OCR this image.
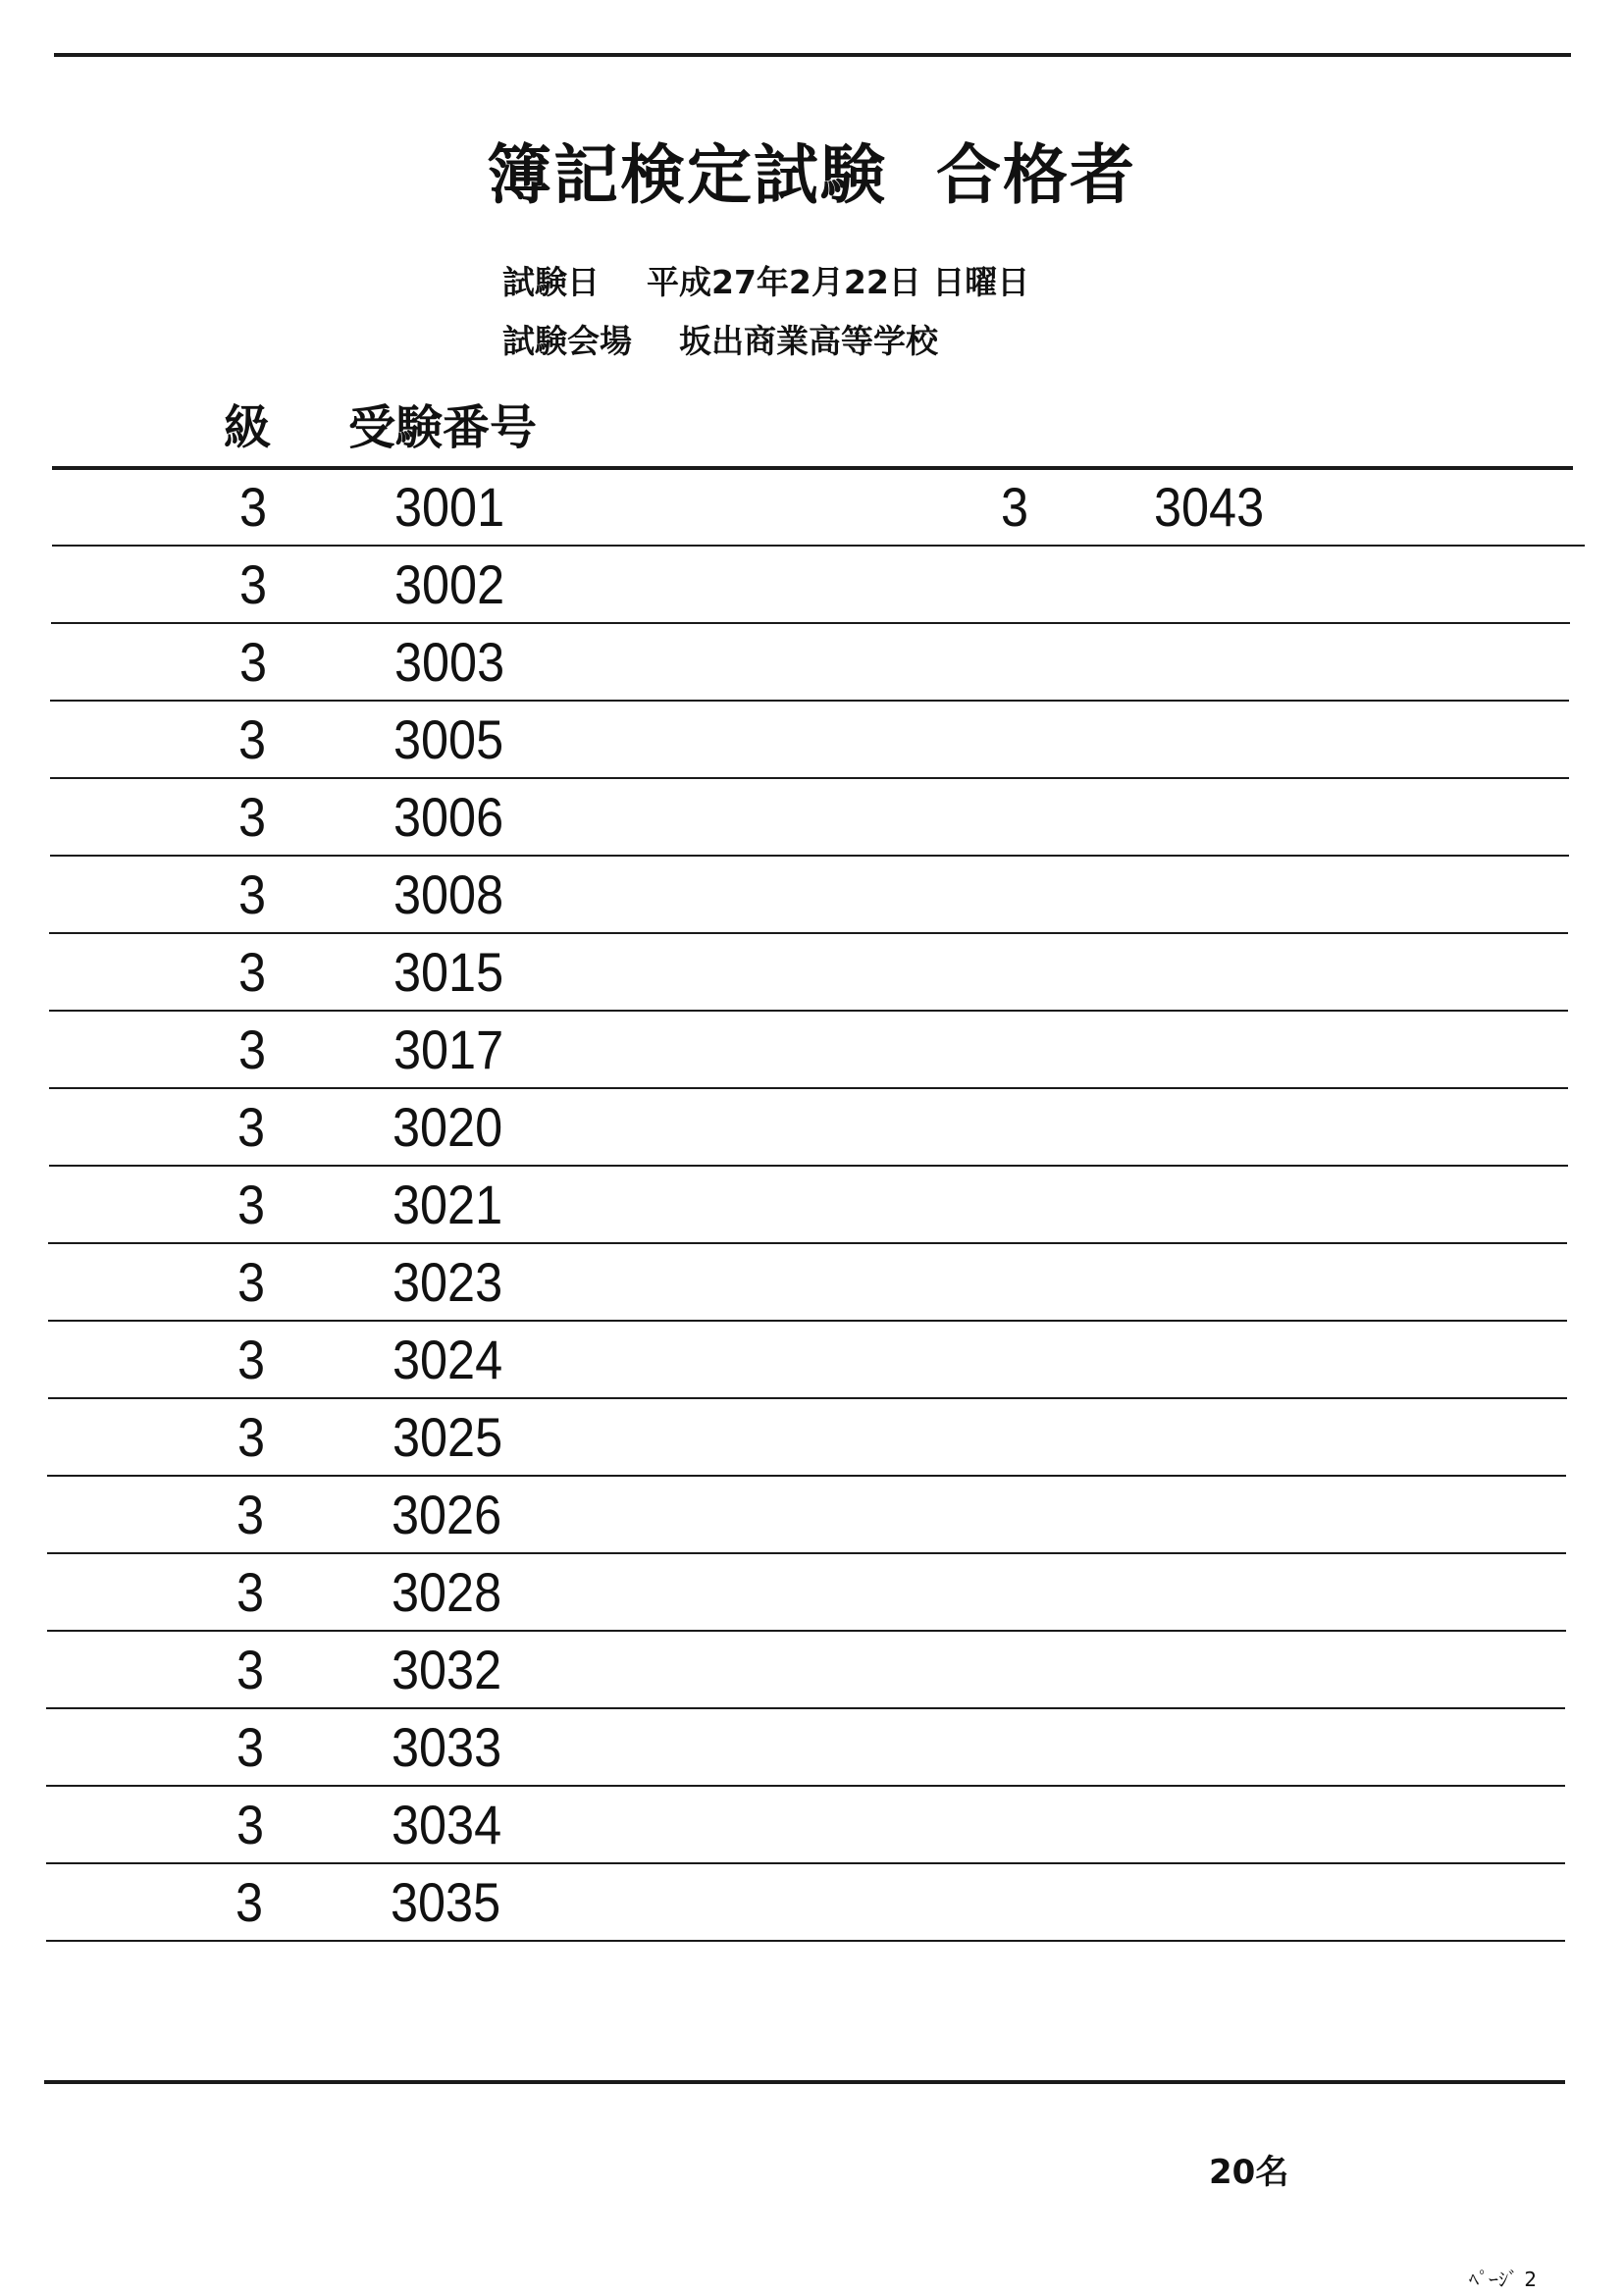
簿記検定試験 合格者
試験日 平成27年2月22日 日曜日
試験会場 坂出商業高等学校
級 受験番号
3 3001	3 3043
3 3002
3 3003
3 3005
3 3006
3 3008
3 3015
3 3017
3 3020
3 3021
3 3023
3 3024
3 3025
3 3026
3 3028
3 3032
3 3033
3 3034
3 3035
20名
ﾍﾟｰｼﾞ 2
